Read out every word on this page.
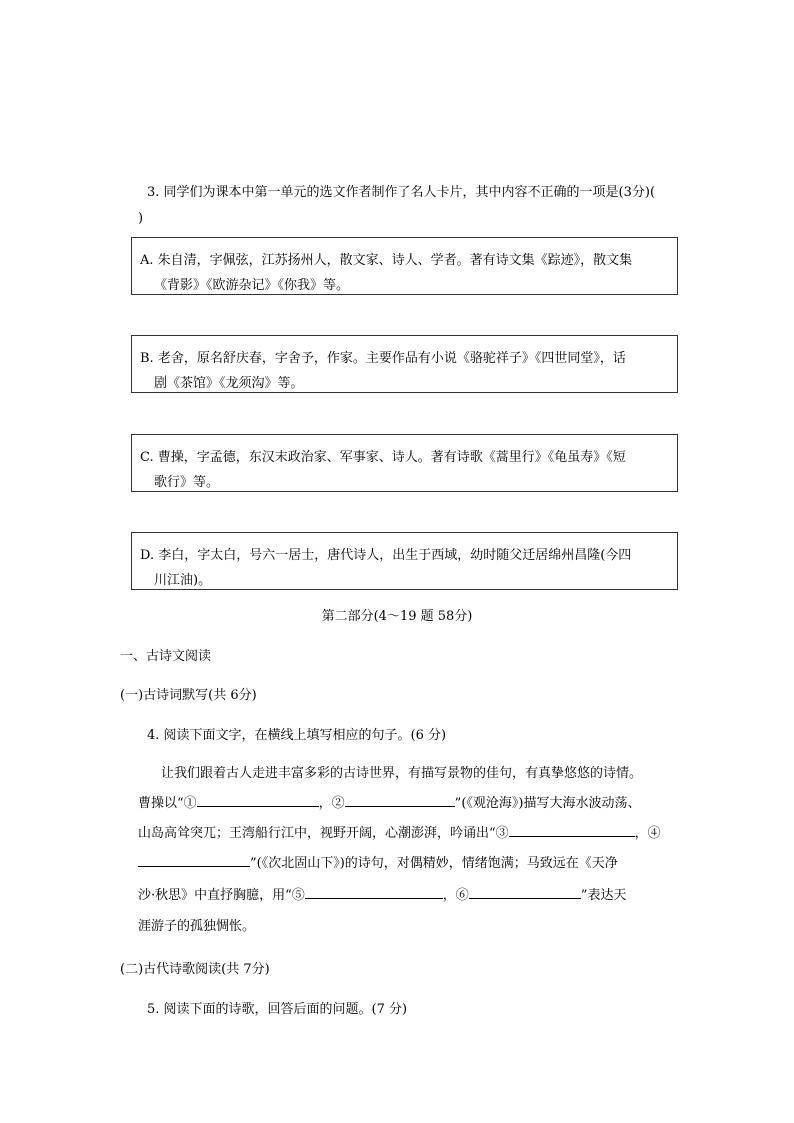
3. 同学们为课本中第一单元的选文作者制作了名人卡片，其中内容不正确的一项是(3分)(
)
A. 朱自清，字佩弦，江苏扬州人，散文家、诗人、学者。著有诗文集《踪迹》，散文集
《背影》《欧游杂记》《你我》等。
B. 老舍，原名舒庆春，字舍予，作家。主要作品有小说《骆驼祥子》《四世同堂》，话
剧《茶馆》《龙须沟》等。
C. 曹操，字孟德，东汉末政治家、军事家、诗人。著有诗歌《蒿里行》《龟虽寿》《短
歌行》等。
D. 李白，字太白，号六一居士，唐代诗人，出生于西域，幼时随父迁居绵州昌隆(今四
川江油)。
第二部分(4～19 题 58分)
一、古诗文阅读
(一)古诗词默写(共 6分)
4. 阅读下面文字，在横线上填写相应的句子。(6 分)
让我们跟着古人走进丰富多彩的古诗世界，有描写景物的佳句，有真挚悠悠的诗情。
曹操以“①	，②	”(《观沧海》)描写大海水波动荡、
山岛高耸突兀；王湾船行江中，视野开阔，心潮澎湃，吟诵出“③	，④
”(《次北固山下》)的诗句，对偶精妙，情绪饱满；马致远在《天净
沙·秋思》中直抒胸臆，用“⑤	，⑥	”表达天
涯游子的孤独惆怅。
(二)古代诗歌阅读(共 7分)
5. 阅读下面的诗歌，回答后面的问题。(7 分)
